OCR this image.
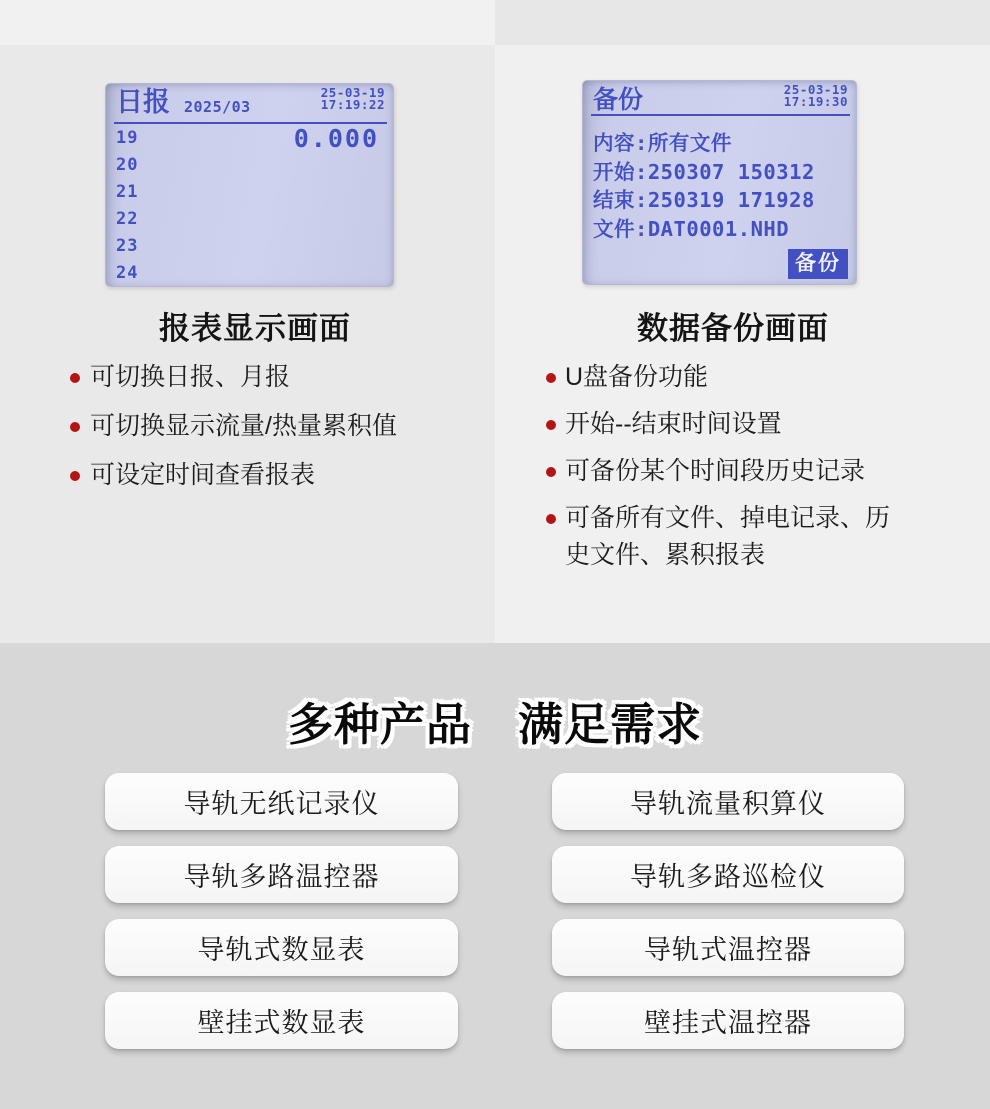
日报 2025/03
25-03-19
17:19:22
19	0.000
20
21
22
23
24
备份	25-03-19
17:19:30
内容:所有文件
开始:250307 150312
结束:250319 171928
文件:DAT0001.NHD
备份
报表显示画面	数据备份画面
可切换日报、月报
可切换显示流量/热量累积值
可设定时间查看报表
U盘备份功能
开始--结束时间设置
可备份某个时间段历史记录
可备所有文件、掉电记录、历史文件、累积报表
多种产品　满足需求
导轨无纸记录仪
导轨多路温控器
导轨式数显表
壁挂式数显表
导轨流量积算仪
导轨多路巡检仪
导轨式温控器
壁挂式温控器
